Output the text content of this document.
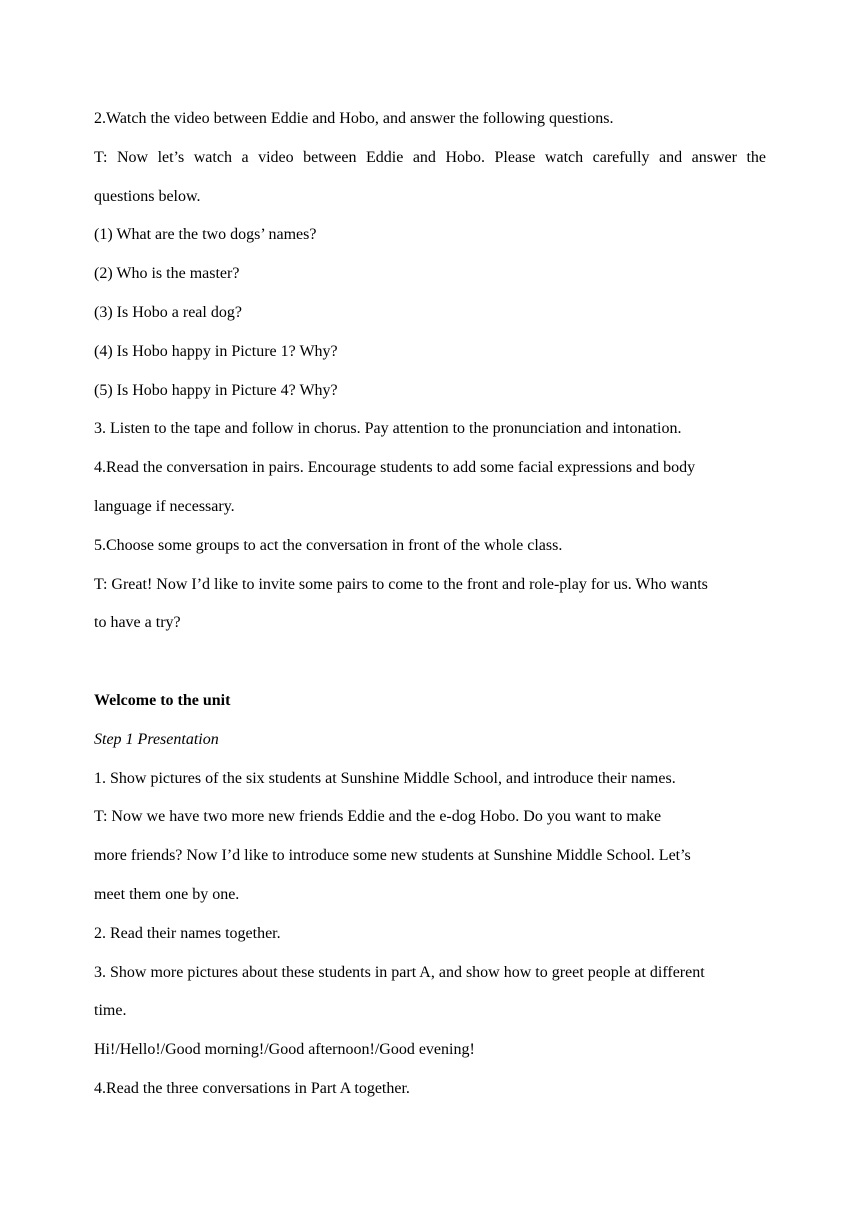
2.Watch the video between Eddie and Hobo, and answer the following questions.

T: Now let’s watch a video between Eddie and Hobo. Please watch carefully and answer the

questions below.

(1) What are the two dogs’ names?

(2) Who is the master?

(3) Is Hobo a real dog?

(4) Is Hobo happy in Picture 1? Why?

(5) Is Hobo happy in Picture 4? Why?

3. Listen to the tape and follow in chorus. Pay attention to the pronunciation and intonation.

4.Read the conversation in pairs. Encourage students to add some facial expressions and body

language if necessary.

5.Choose some groups to act the conversation in front of the whole class.

T: Great! Now I’d like to invite some pairs to come to the front and role-play for us. Who wants

to have a try?

Welcome to the unit

Step 1 Presentation

1. Show pictures of the six students at Sunshine Middle School, and introduce their names.

T: Now we have two more new friends Eddie and the e-dog Hobo. Do you want to make

more friends? Now I’d like to introduce some new students at Sunshine Middle School. Let’s

meet them one by one.

2. Read their names together.

3. Show more pictures about these students in part A, and show how to greet people at different

time.

Hi!/Hello!/Good morning!/Good afternoon!/Good evening!

4.Read the three conversations in Part A together.
